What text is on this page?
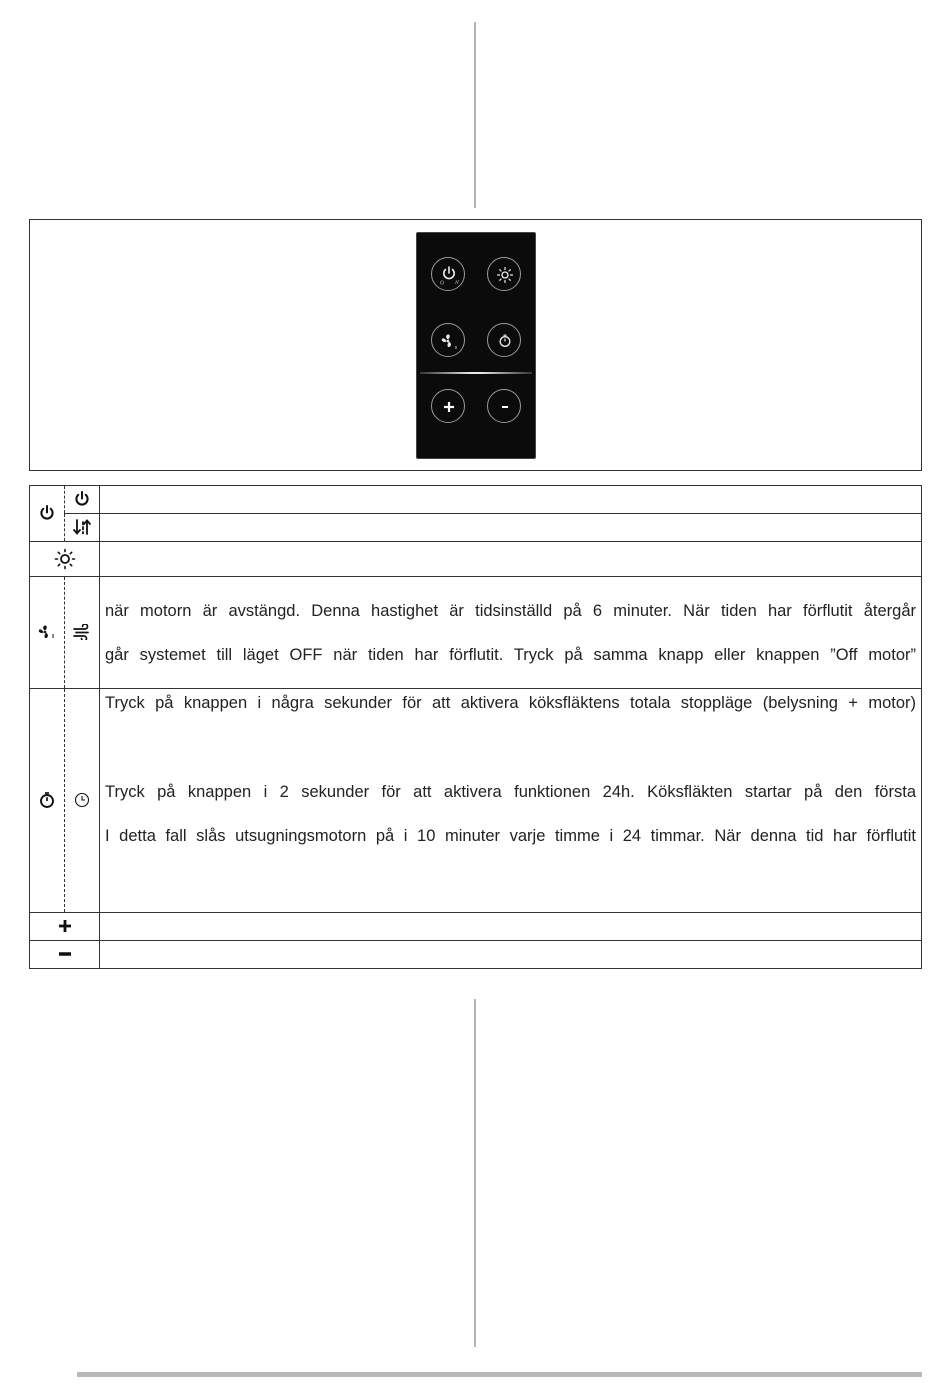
när motorn är avstängd. Denna hastighet är tidsinställd på 6 minuter. När tiden har förflutit återgår

går systemet till läget OFF när tiden har förflutit. Tryck på samma knapp eller knappen ”Off motor”

Tryck på knappen i några sekunder för att aktivera köksfläktens totala stoppläge (belysning + motor)

Tryck på knappen i 2 sekunder för att aktivera funktionen 24h. Köksfläkten startar på den första

I detta fall slås utsugningsmotorn på i 10 minuter varje timme i 24 timmar. När denna tid har förflutit
